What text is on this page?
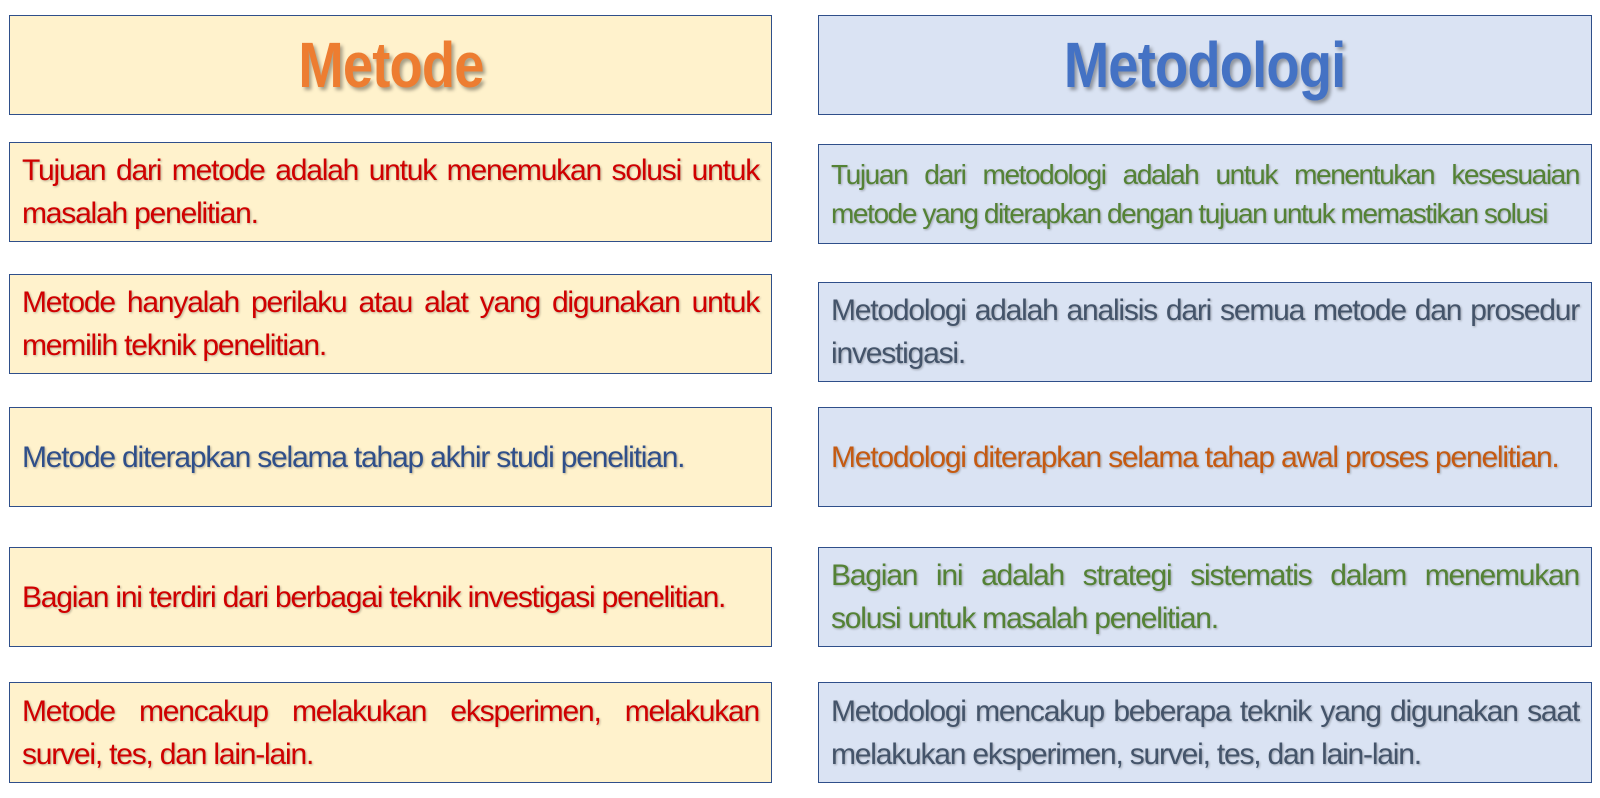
Metode	Metodologi
Tujuan dari metode adalah untuk menemukan solusi untuk masalah penelitian.
Metode hanyalah perilaku atau alat yang digunakan untuk memilih teknik penelitian.
Metode diterapkan selama tahap akhir studi penelitian.
Bagian ini terdiri dari berbagai teknik investigasi penelitian.
Metode mencakup melakukan eksperimen, melakukan survei, tes, dan lain-lain.
Tujuan dari metodologi adalah untuk menentukan kesesuaian metode yang diterapkan dengan tujuan untuk memastikan solusi
Metodologi adalah analisis dari semua metode dan prosedur investigasi.
Metodologi diterapkan selama tahap awal proses penelitian.
Bagian ini adalah strategi sistematis dalam menemukan solusi untuk masalah penelitian.
Metodologi mencakup beberapa teknik yang digunakan saat melakukan eksperimen, survei, tes, dan lain-lain.
